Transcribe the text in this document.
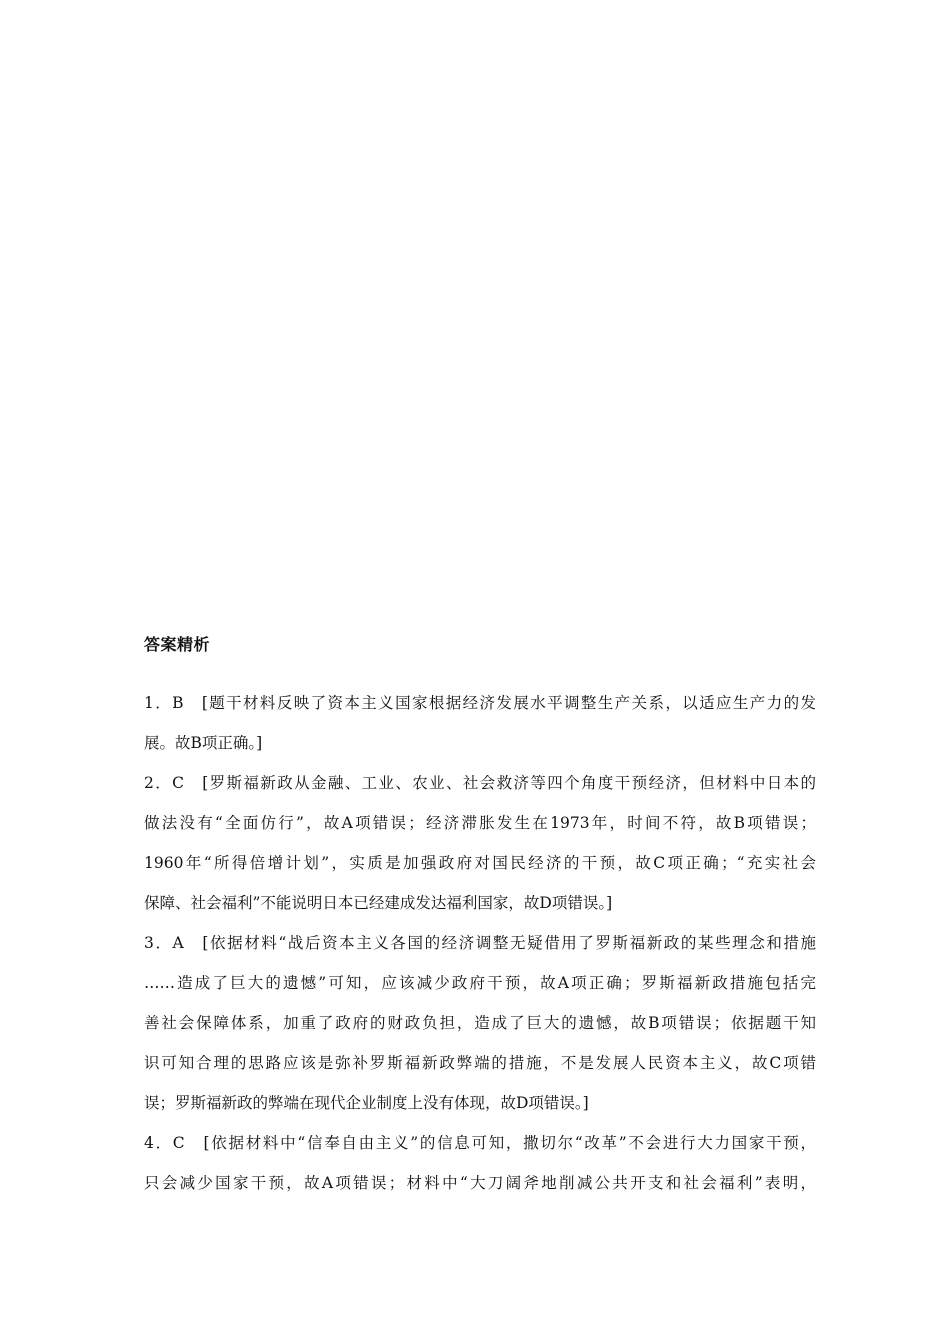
答案精析
1．B　[题干材料反映了资本主义国家根据经济发展水平调整生产关系，以适应生产力的发
展。故B项正确。]
2．C　[罗斯福新政从金融、工业、农业、社会救济等四个角度干预经济，但材料中日本的
做法没有“全面仿行”，故A项错误；经济滞胀发生在1973年，时间不符，故B项错误；
1960年“所得倍增计划”，实质是加强政府对国民经济的干预，故C项正确；“充实社会
保障、社会福利”不能说明日本已经建成发达福利国家，故D项错误。]
3．A　[依据材料“战后资本主义各国的经济调整无疑借用了罗斯福新政的某些理念和措施
……造成了巨大的遗憾”可知，应该减少政府干预，故A项正确；罗斯福新政措施包括完
善社会保障体系，加重了政府的财政负担，造成了巨大的遗憾，故B项错误；依据题干知
识可知合理的思路应该是弥补罗斯福新政弊端的措施，不是发展人民资本主义，故C项错
误；罗斯福新政的弊端在现代企业制度上没有体现，故D项错误。]
4．C　[依据材料中“信奉自由主义”的信息可知，撒切尔“改革”不会进行大力国家干预，
只会减少国家干预，故A项错误；材料中“大刀阔斧地削减公共开支和社会福利”表明，
